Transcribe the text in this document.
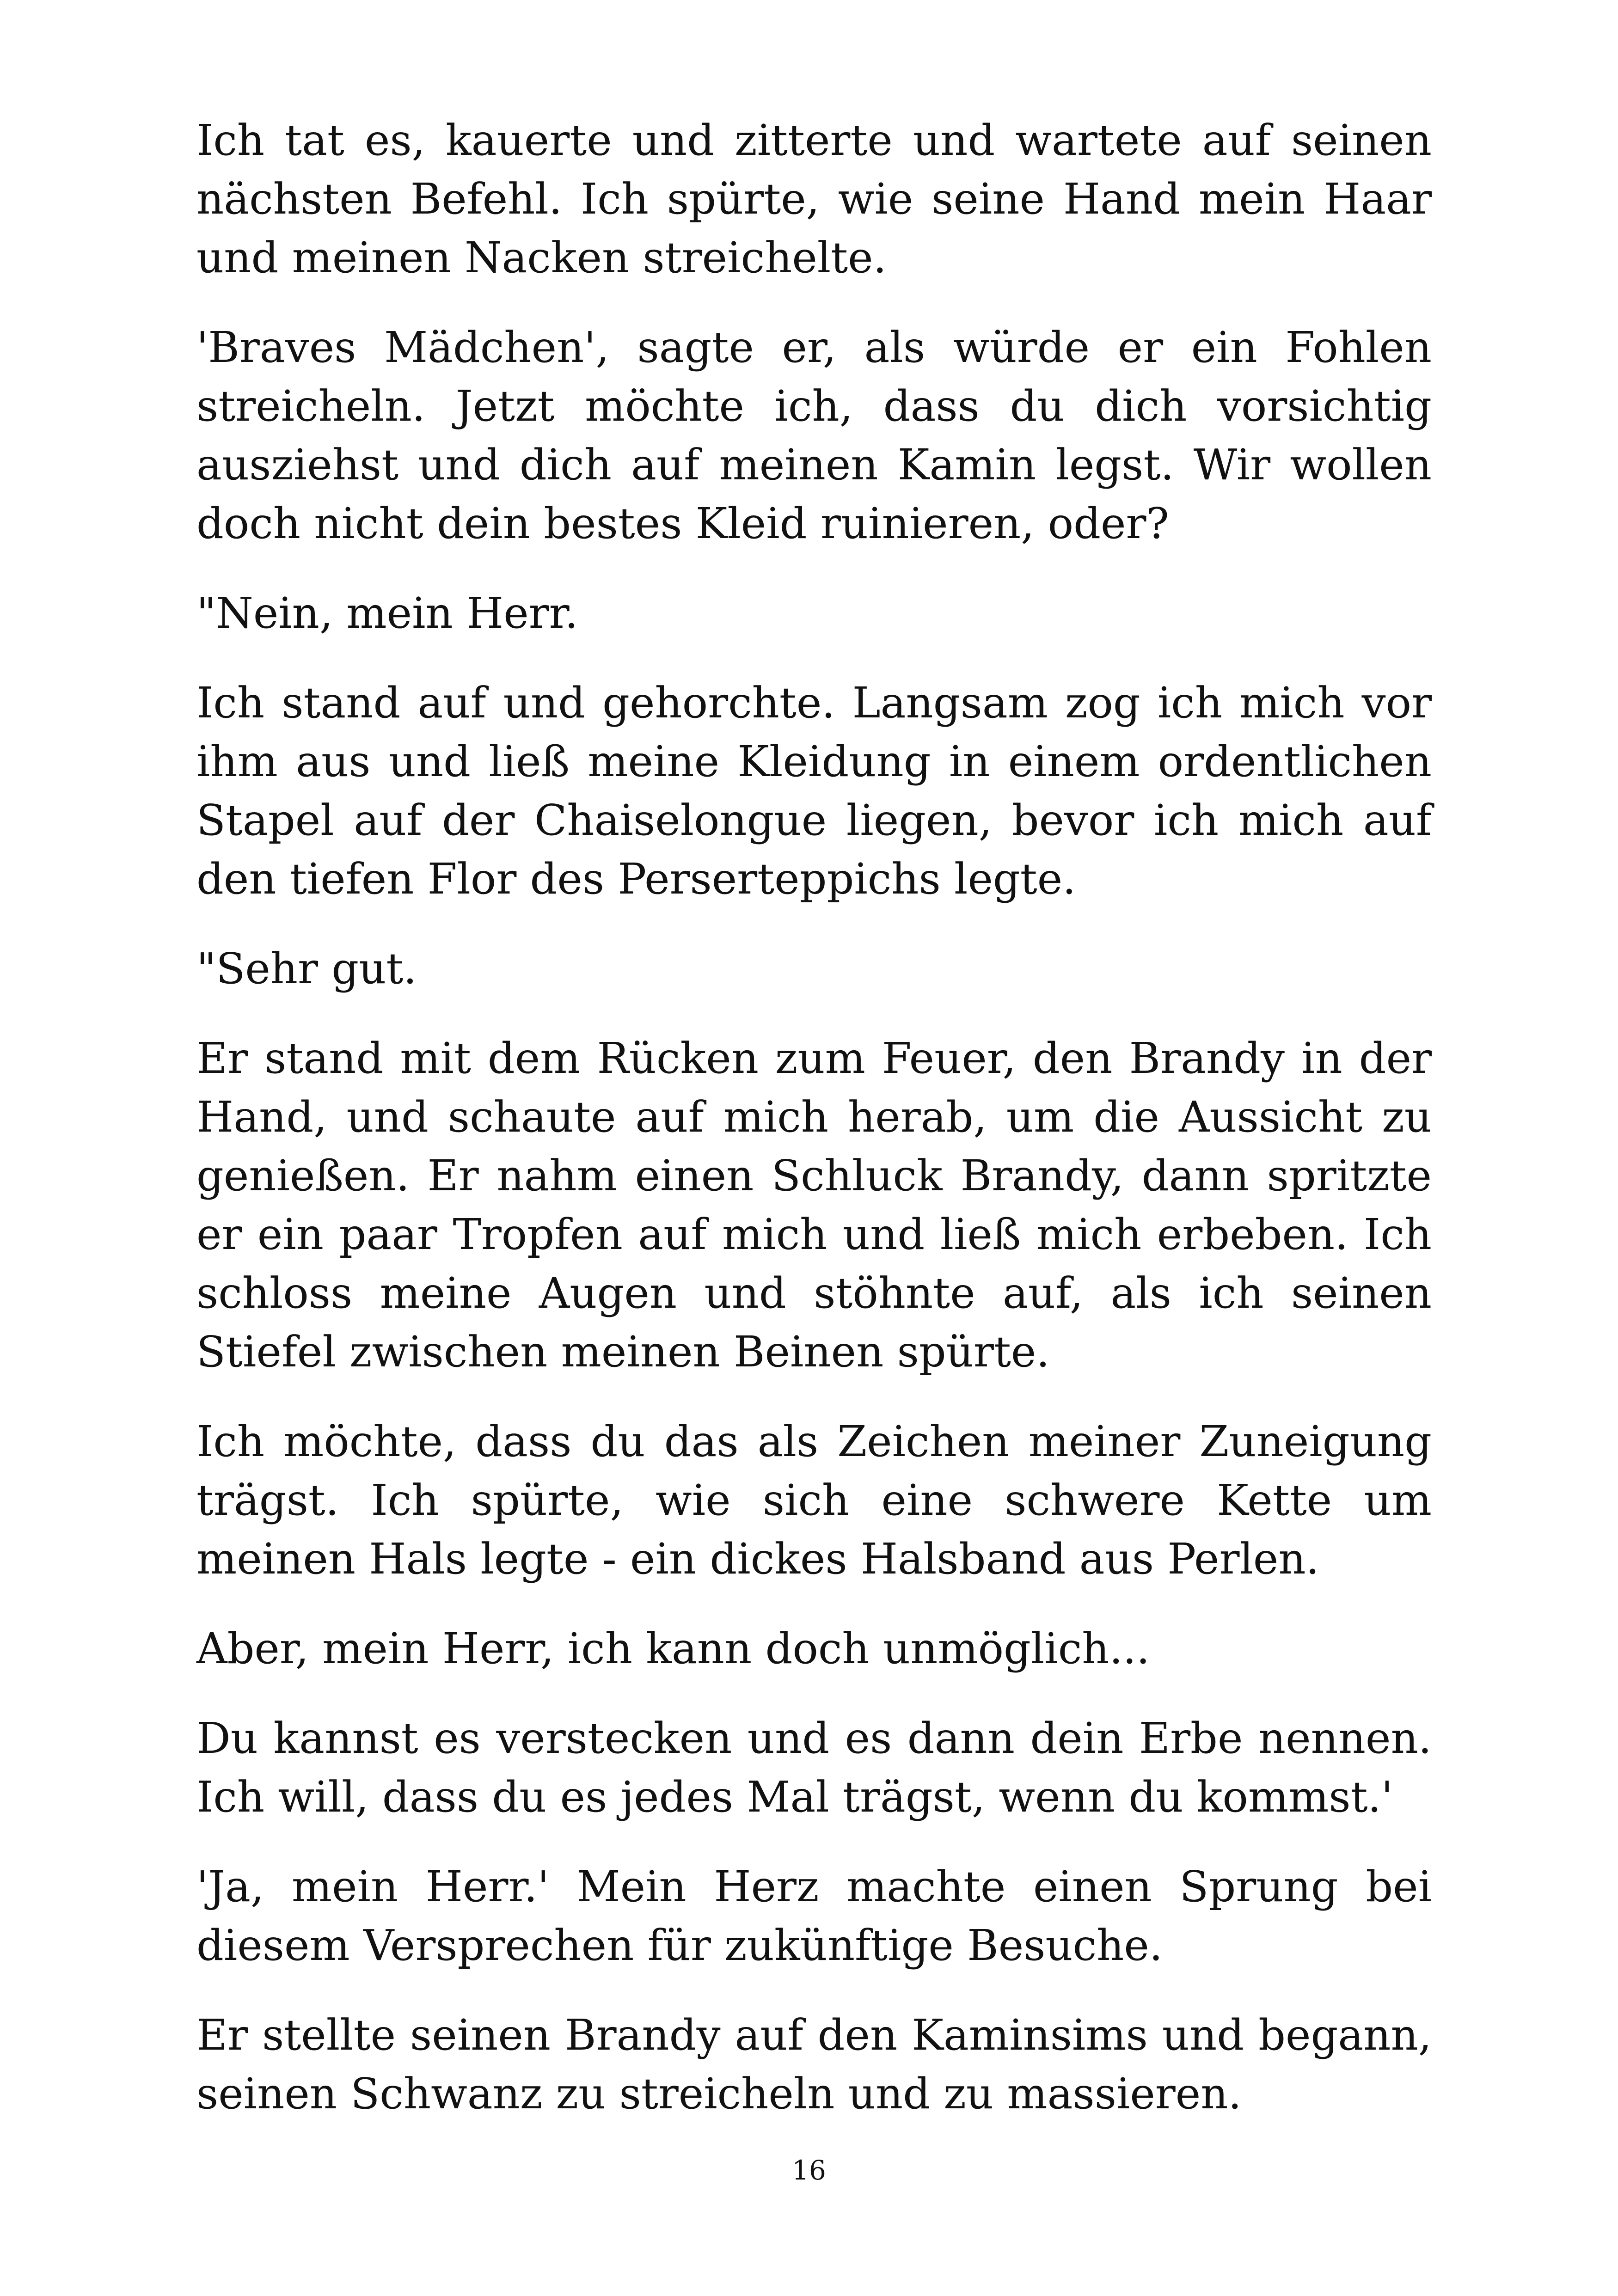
Ich tat es, kauerte und zitterte und wartete auf seinen nächsten Befehl. Ich spürte, wie seine Hand mein Haar und meinen Nacken streichelte.

'Braves Mädchen', sagte er, als würde er ein Fohlen streicheln. Jetzt möchte ich, dass du dich vorsichtig ausziehst und dich auf meinen Kamin legst. Wir wollen doch nicht dein bestes Kleid ruinieren, oder?

"Nein, mein Herr.

Ich stand auf und gehorchte. Langsam zog ich mich vor ihm aus und ließ meine Kleidung in einem ordentlichen Stapel auf der Chaiselongue liegen, bevor ich mich auf den tiefen Flor des Perserteppichs legte.

"Sehr gut.

Er stand mit dem Rücken zum Feuer, den Brandy in der Hand, und schaute auf mich herab, um die Aussicht zu genießen. Er nahm einen Schluck Brandy, dann spritzte er ein paar Tropfen auf mich und ließ mich erbeben. Ich schloss meine Augen und stöhnte auf, als ich seinen Stiefel zwischen meinen Beinen spürte.

Ich möchte, dass du das als Zeichen meiner Zuneigung trägst. Ich spürte, wie sich eine schwere Kette um meinen Hals legte - ein dickes Halsband aus Perlen.

Aber, mein Herr, ich kann doch unmöglich...

Du kannst es verstecken und es dann dein Erbe nennen. Ich will, dass du es jedes Mal trägst, wenn du kommst.'

'Ja, mein Herr.' Mein Herz machte einen Sprung bei diesem Versprechen für zukünftige Besuche.

Er stellte seinen Brandy auf den Kaminsims und begann, seinen Schwanz zu streicheln und zu massieren.

16
